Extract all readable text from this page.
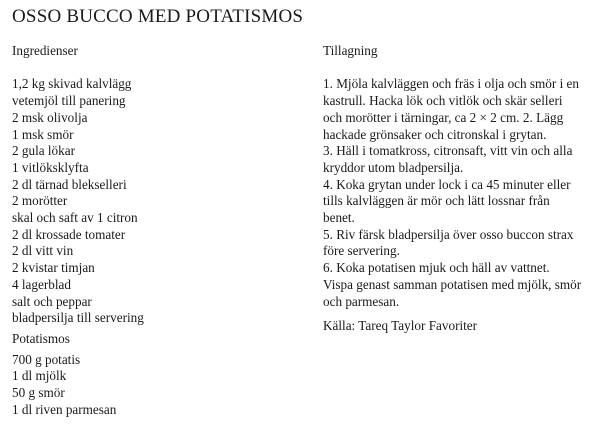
OSSO BUCCO MED POTATISMOS
Ingredienser
1,2 kg skivad kalvlägg
vetemjöl till panering
2 msk olivolja
1 msk smör
2 gula lökar
1 vitlöksklyfta
2 dl tärnad blekselleri
2 morötter
skal och saft av 1 citron
2 dl krossade tomater
2 dl vitt vin
2 kvistar timjan
4 lagerblad
salt och peppar
bladpersilja till servering
Potatismos
700 g potatis
1 dl mjölk
50 g smör
1 dl riven parmesan
Tillagning
1. Mjöla kalvläggen och fräs i olja och smör i en
kastrull. Hacka lök och vitlök och skär selleri
och morötter i tärningar, ca 2 × 2 cm. 2. Lägg
hackade grönsaker och citronskal i grytan.
3. Häll i tomatkross, citronsaft, vitt vin och alla
kryddor utom bladpersilja.
4. Koka grytan under lock i ca 45 minuter eller
tills kalvläggen är mör och lätt lossnar från
benet.
5. Riv färsk bladpersilja över osso buccon strax
före servering.
6. Koka potatisen mjuk och häll av vattnet.
Vispa genast samman potatisen med mjölk, smör
och parmesan.
Källa: Tareq Taylor Favoriter
